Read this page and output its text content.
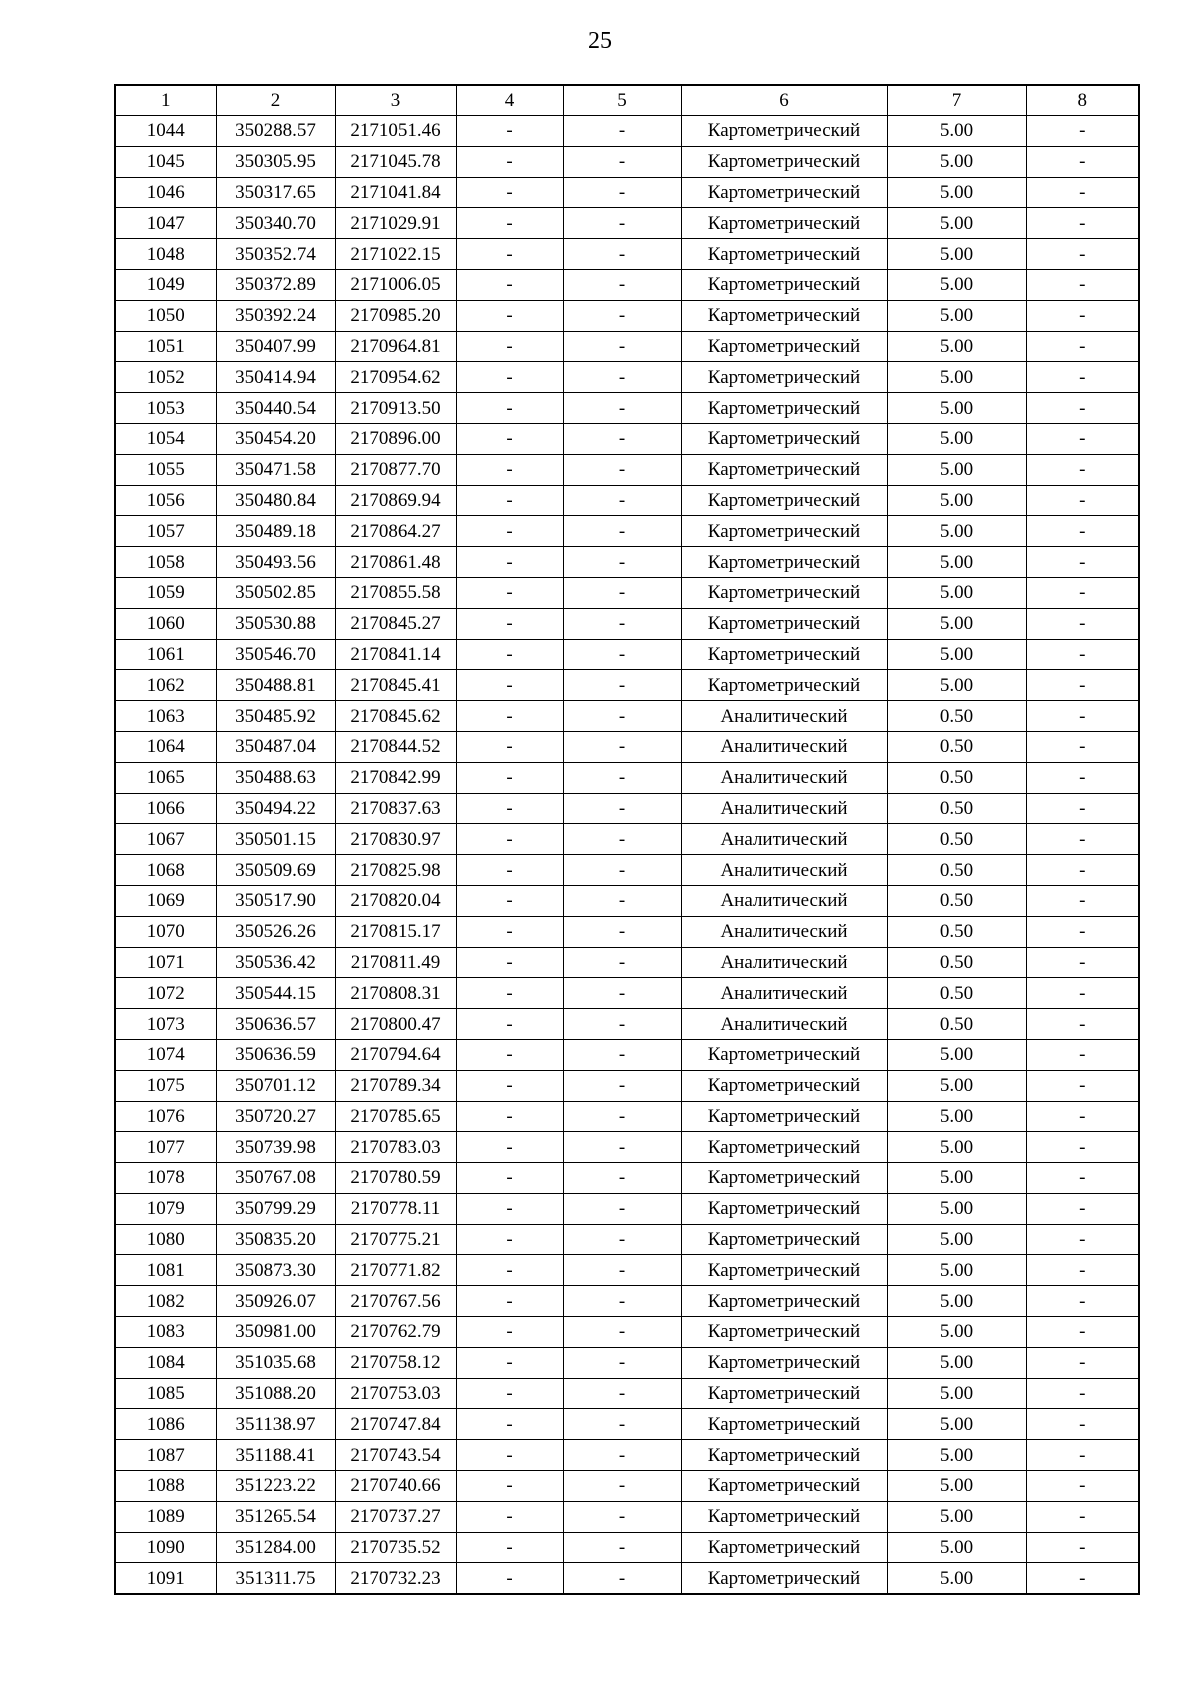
25
1	2	3	4	5	6	7	8
1044	350288.57	2171051.46	-	-	Картометрический	5.00	-
1045	350305.95	2171045.78	-	-	Картометрический	5.00	-
1046	350317.65	2171041.84	-	-	Картометрический	5.00	-
1047	350340.70	2171029.91	-	-	Картометрический	5.00	-
1048	350352.74	2171022.15	-	-	Картометрический	5.00	-
1049	350372.89	2171006.05	-	-	Картометрический	5.00	-
1050	350392.24	2170985.20	-	-	Картометрический	5.00	-
1051	350407.99	2170964.81	-	-	Картометрический	5.00	-
1052	350414.94	2170954.62	-	-	Картометрический	5.00	-
1053	350440.54	2170913.50	-	-	Картометрический	5.00	-
1054	350454.20	2170896.00	-	-	Картометрический	5.00	-
1055	350471.58	2170877.70	-	-	Картометрический	5.00	-
1056	350480.84	2170869.94	-	-	Картометрический	5.00	-
1057	350489.18	2170864.27	-	-	Картометрический	5.00	-
1058	350493.56	2170861.48	-	-	Картометрический	5.00	-
1059	350502.85	2170855.58	-	-	Картометрический	5.00	-
1060	350530.88	2170845.27	-	-	Картометрический	5.00	-
1061	350546.70	2170841.14	-	-	Картометрический	5.00	-
1062	350488.81	2170845.41	-	-	Картометрический	5.00	-
1063	350485.92	2170845.62	-	-	Аналитический	0.50	-
1064	350487.04	2170844.52	-	-	Аналитический	0.50	-
1065	350488.63	2170842.99	-	-	Аналитический	0.50	-
1066	350494.22	2170837.63	-	-	Аналитический	0.50	-
1067	350501.15	2170830.97	-	-	Аналитический	0.50	-
1068	350509.69	2170825.98	-	-	Аналитический	0.50	-
1069	350517.90	2170820.04	-	-	Аналитический	0.50	-
1070	350526.26	2170815.17	-	-	Аналитический	0.50	-
1071	350536.42	2170811.49	-	-	Аналитический	0.50	-
1072	350544.15	2170808.31	-	-	Аналитический	0.50	-
1073	350636.57	2170800.47	-	-	Аналитический	0.50	-
1074	350636.59	2170794.64	-	-	Картометрический	5.00	-
1075	350701.12	2170789.34	-	-	Картометрический	5.00	-
1076	350720.27	2170785.65	-	-	Картометрический	5.00	-
1077	350739.98	2170783.03	-	-	Картометрический	5.00	-
1078	350767.08	2170780.59	-	-	Картометрический	5.00	-
1079	350799.29	2170778.11	-	-	Картометрический	5.00	-
1080	350835.20	2170775.21	-	-	Картометрический	5.00	-
1081	350873.30	2170771.82	-	-	Картометрический	5.00	-
1082	350926.07	2170767.56	-	-	Картометрический	5.00	-
1083	350981.00	2170762.79	-	-	Картометрический	5.00	-
1084	351035.68	2170758.12	-	-	Картометрический	5.00	-
1085	351088.20	2170753.03	-	-	Картометрический	5.00	-
1086	351138.97	2170747.84	-	-	Картометрический	5.00	-
1087	351188.41	2170743.54	-	-	Картометрический	5.00	-
1088	351223.22	2170740.66	-	-	Картометрический	5.00	-
1089	351265.54	2170737.27	-	-	Картометрический	5.00	-
1090	351284.00	2170735.52	-	-	Картометрический	5.00	-
1091	351311.75	2170732.23	-	-	Картометрический	5.00	-
